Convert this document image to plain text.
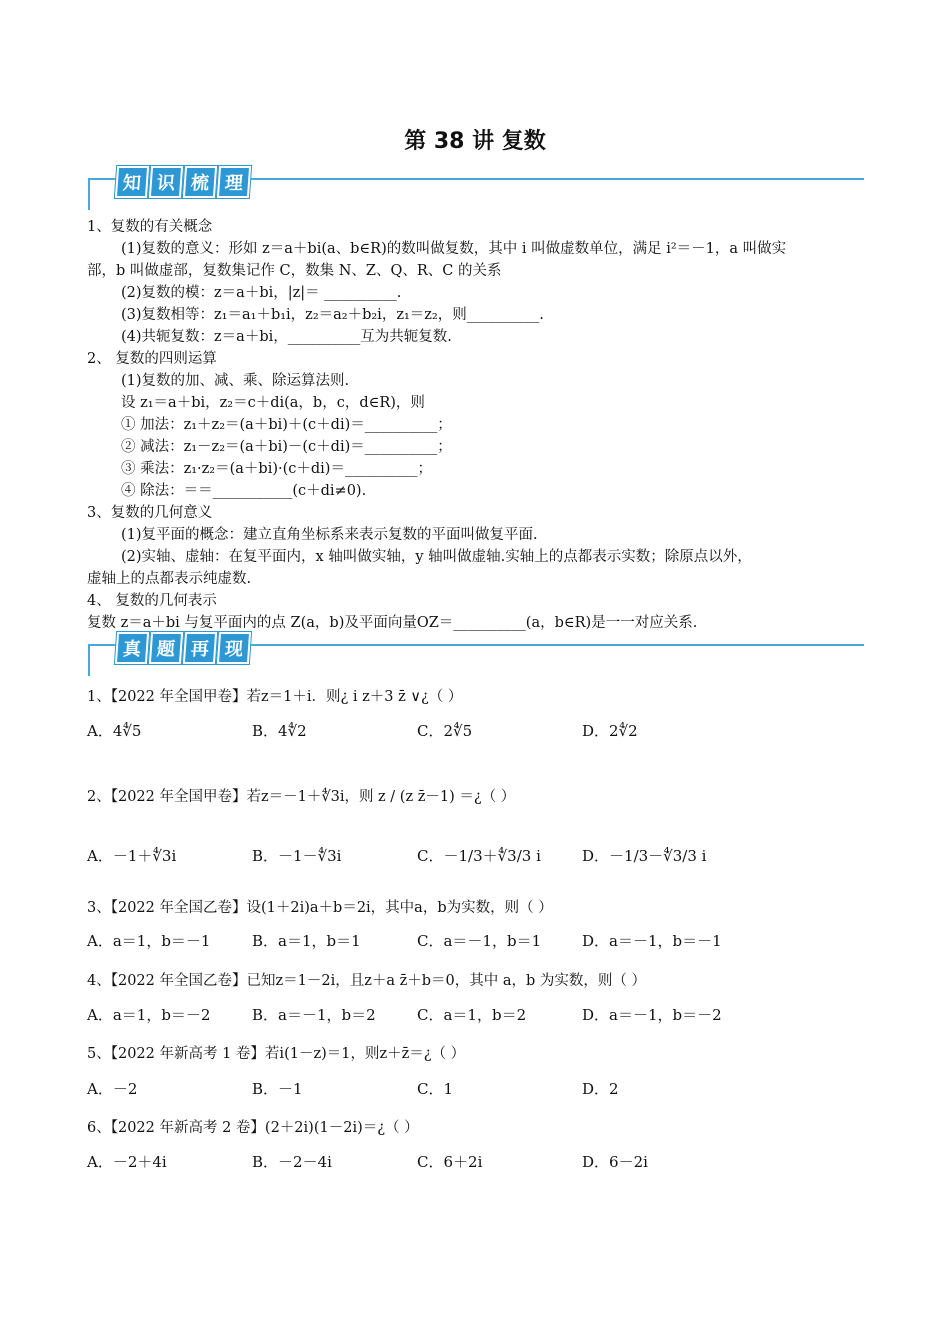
第 38 讲 复数
知 识 梳 理

1、复数的有关概念

(1)复数的意义：形如 z＝a＋bi(a、b∈R)的数叫做复数，其中 i 叫做虚数单位，满足 i²＝－1，a 叫做实

部，b 叫做虚部，复数集记作 C，数集 N、Z、Q、R、C 的关系

(2)复数的模：z＝a＋bi，|z|＝ __________.

(3)复数相等：z₁＝a₁＋b₁i，z₂＝a₂＋b₂i，z₁＝z₂，则__________.

(4)共轭复数：z＝a＋bi，__________互为共轭复数.

2、 复数的四则运算

(1)复数的加、减、乘、除运算法则.

设 z₁＝a＋bi，z₂＝c＋di(a，b，c，d∈R)，则

① 加法：z₁＋z₂＝(a＋bi)＋(c＋di)＝__________；

② 减法：z₁－z₂＝(a＋bi)－(c＋di)＝__________；

③ 乘法：z₁·z₂＝(a＋bi)·(c＋di)＝__________；

④ 除法：＝＝___________(c＋di≠0).

3、复数的几何意义

(1)复平面的概念：建立直角坐标系来表示复数的平面叫做复平面.

(2)实轴、虚轴：在复平面内，x 轴叫做实轴，y 轴叫做虚轴.实轴上的点都表示实数；除原点以外，

虚轴上的点都表示纯虚数.

4、 复数的几何表示

复数 z＝a＋bi 与复平面内的点 Z(a，b)及平面向量OZ＝__________(a，b∈R)是一一对应关系.

真 题 再 现
1、【2022 年全国甲卷】若z＝1＋i．则¿ i z＋3 z̄ ∨¿（ ）
A．4∜5	B．4∜2	C．2∜5	D．2∜2
2、【2022 年全国甲卷】若z＝－1＋∜3i，则 z / (z z̄－1) ＝¿（ ）
A．－1＋∜3i	B．－1－∜3i	C．－1/3＋∜3/3 i	D．－1/3－∜3/3 i
3、【2022 年全国乙卷】设(1＋2i)a＋b＝2i，其中a，b为实数，则（ ）
A．a＝1，b＝－1	B．a＝1，b＝1	C．a＝－1，b＝1	D．a＝－1，b＝－1
4、【2022 年全国乙卷】已知z＝1－2i，且z＋a z̄＋b＝0，其中 a，b 为实数，则（ ）
A．a＝1，b＝－2	B．a＝－1，b＝2	C．a＝1，b＝2	D．a＝－1，b＝－2
5、【2022 年新高考 1 卷】若i(1－z)＝1，则z＋z̄＝¿（ ）
A．－2	B．－1	C．1	D．2
6、【2022 年新高考 2 卷】(2＋2i)(1－2i)＝¿（ ）
A．－2＋4i	B．－2－4i	C．6＋2i	D．6－2i
